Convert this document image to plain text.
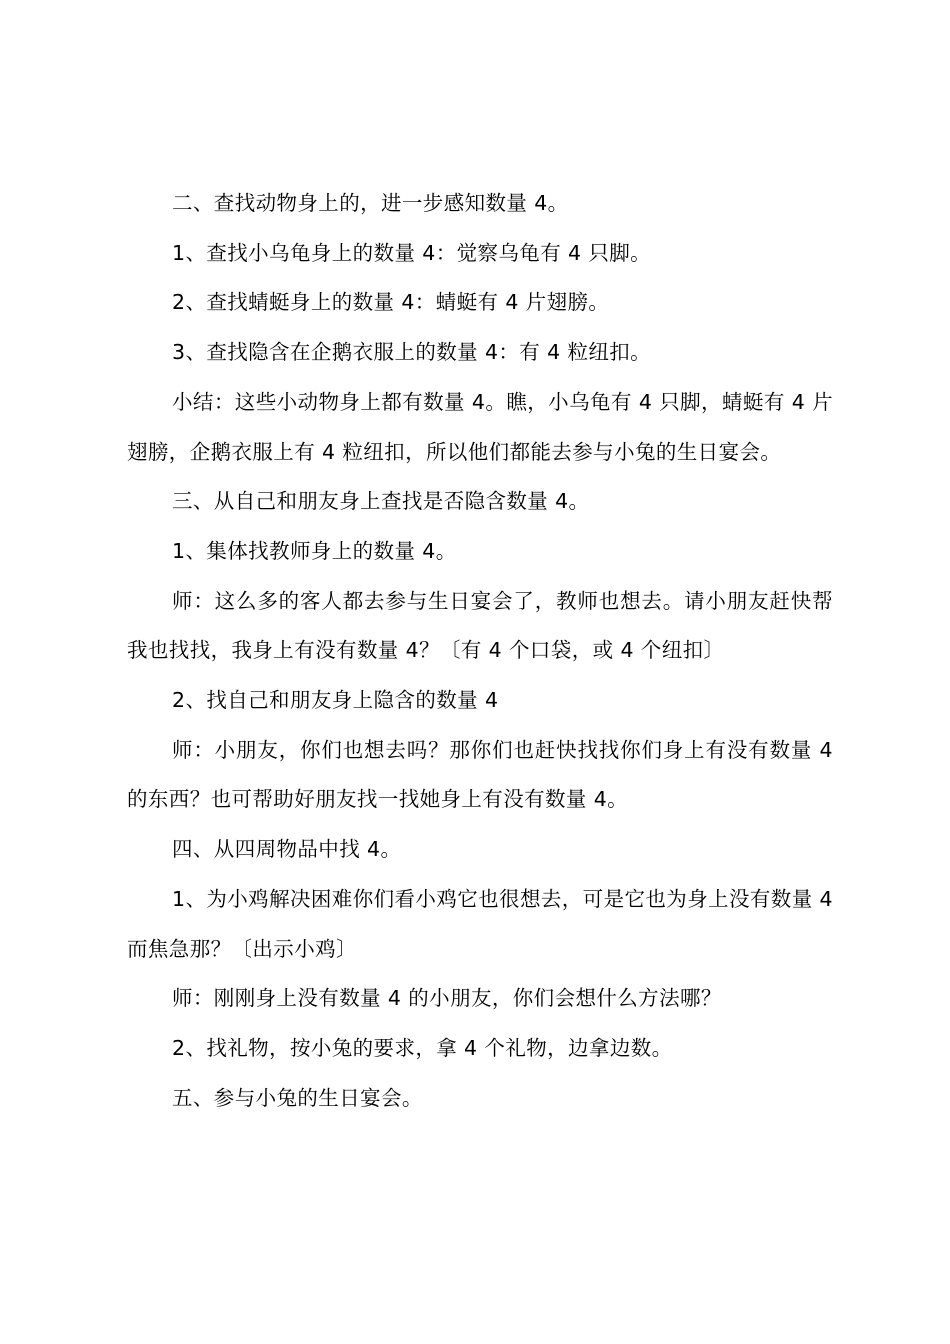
二、查找动物身上的，进一步感知数量 4。

1、查找小乌龟身上的数量 4：觉察乌龟有 4 只脚。

2、查找蜻蜓身上的数量 4：蜻蜓有 4 片翅膀。

3、查找隐含在企鹅衣服上的数量 4：有 4 粒纽扣。

小结：这些小动物身上都有数量 4。瞧，小乌龟有 4 只脚，蜻蜓有 4 片翅膀，企鹅衣服上有 4 粒纽扣，所以他们都能去参与小兔的生日宴会。

三、从自己和朋友身上查找是否隐含数量 4。

1、集体找教师身上的数量 4。

师：这么多的客人都去参与生日宴会了，教师也想去。请小朋友赶快帮我也找找，我身上有没有数量 4？〔有 4 个口袋，或 4 个纽扣〕

2、找自己和朋友身上隐含的数量 4

师：小朋友，你们也想去吗？那你们也赶快找找你们身上有没有数量 4 的东西？也可帮助好朋友找一找她身上有没有数量 4。

四、从四周物品中找 4。

1、为小鸡解决困难你们看小鸡它也很想去，可是它也为身上没有数量 4 而焦急那？〔出示小鸡〕

师：刚刚身上没有数量 4 的小朋友，你们会想什么方法哪？

2、找礼物，按小兔的要求，拿 4 个礼物，边拿边数。

五、参与小兔的生日宴会。
